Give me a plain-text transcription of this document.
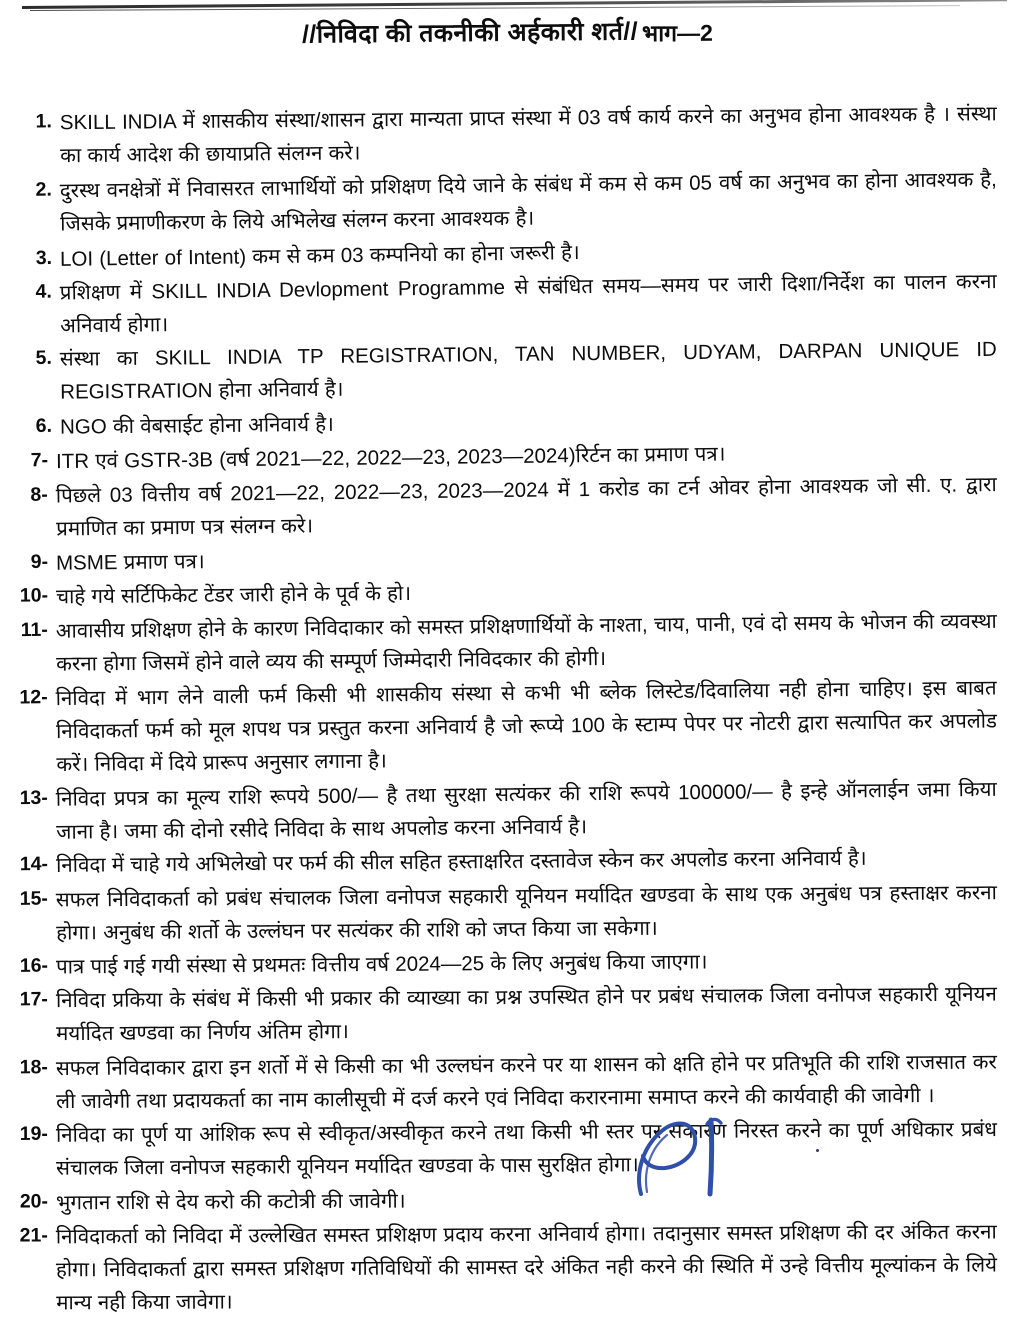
//निविदा की तकनीकी अर्हकारी शर्त// भाग—2
1. SKILL INDIA में शासकीय संस्था/शासन द्वारा मान्यता प्राप्त संस्था में 03 वर्ष कार्य करने का अनुभव होना आवश्यक है । संस्था का कार्य आदेश की छायाप्रति संलग्न करे।
2. दुरस्थ वनक्षेत्रों में निवासरत लाभार्थियों को प्रशिक्षण दिये जाने के संबंध में कम से कम 05 वर्ष का अनुभव का होना आवश्यक है, जिसके प्रमाणीकरण के लिये अभिलेख संलग्न करना आवश्यक है।
3. LOI (Letter of Intent) कम से कम 03 कम्पनियो का होना जरूरी है।
4. प्रशिक्षण में SKILL INDIA Devlopment Programme से संबंधित समय—समय पर जारी दिशा/निर्देश का पालन करना अनिवार्य होगा।
5. संस्था का SKILL INDIA TP REGISTRATION, TAN NUMBER, UDYAM, DARPAN UNIQUE ID REGISTRATION होना अनिवार्य है।
6. NGO की वेबसाईट होना अनिवार्य है।
7- ITR एवं GSTR-3B (वर्ष 2021—22, 2022—23, 2023—2024)रिर्टन का प्रमाण पत्र।
8- पिछले 03 वित्तीय वर्ष 2021—22, 2022—23, 2023—2024 में 1 करोड का टर्न ओवर होना आवश्यक जो सी. ए. द्वारा प्रमाणित का प्रमाण पत्र संलग्न करे।
9- MSME प्रमाण पत्र।
10- चाहे गये सर्टिफिकेट टेंडर जारी होने के पूर्व के हो।
11- आवासीय प्रशिक्षण होने के कारण निविदाकार को समस्त प्रशिक्षणार्थियों के नाश्ता, चाय, पानी, एवं दो समय के भोजन की व्यवस्था करना होगा जिसमें होने वाले व्यय की सम्पूर्ण जिम्मेदारी निविदकार की होगी।
12- निविदा में भाग लेने वाली फर्म किसी भी शासकीय संस्था से कभी भी ब्लेक लिस्टेड/दिवालिया नही होना चाहिए। इस बाबत निविदाकर्ता फर्म को मूल शपथ पत्र प्रस्तुत करना अनिवार्य है जो रूप्ये 100 के स्टाम्प पेपर पर नोटरी द्वारा सत्यापित कर अपलोड करें। निविदा में दिये प्रारूप अनुसार लगाना है।
13- निविदा प्रपत्र का मूल्य राशि रूपये 500/— है तथा सुरक्षा सत्यंकर की राशि रूपये 100000/— है इन्हे ऑनलाईन जमा किया जाना है। जमा की दोनो रसीदे निविदा के साथ अपलोड करना अनिवार्य है।
14- निविदा में चाहे गये अभिलेखो पर फर्म की सील सहित हस्ताक्षरित दस्तावेज स्केन कर अपलोड करना अनिवार्य है।
15- सफल निविदाकर्ता को प्रबंध संचालक जिला वनोपज सहकारी यूनियन मर्यादित खण्डवा के साथ एक अनुबंध पत्र हस्ताक्षर करना होगा। अनुबंध की शर्तो के उल्लंघन पर सत्यंकर की राशि को जप्त किया जा सकेगा।
16- पात्र पाई गई गयी संस्था से प्रथमतः वित्तीय वर्ष 2024—25 के लिए अनुबंध किया जाएगा।
17- निविदा प्रकिया के संबंध में किसी भी प्रकार की व्याख्या का प्रश्न उपस्थित होने पर प्रबंध संचालक जिला वनोपज सहकारी यूनियन मर्यादित खण्डवा का निर्णय अंतिम होगा।
18- सफल निविदाकार द्वारा इन शर्तो में से किसी का भी उल्लघंन करने पर या शासन को क्षति होने पर प्रतिभूति की राशि राजसात कर ली जावेगी तथा प्रदायकर्ता का नाम कालीसूची में दर्ज करने एवं निविदा करारनामा समाप्त करने की कार्यवाही की जावेगी ।
19- निविदा का पूर्ण या आंशिक रूप से स्वीकृत/अस्वीकृत करने तथा किसी भी स्तर पर सकारण निरस्त करने का पूर्ण अधिकार प्रबंध संचालक जिला वनोपज सहकारी यूनियन मर्यादित खण्डवा के पास सुरक्षित होगा।
20- भुगतान राशि से देय करो की कटोत्री की जावेगी।
21- निविदाकर्ता को निविदा में उल्लेखित समस्त प्रशिक्षण प्रदाय करना अनिवार्य होगा। तदानुसार समस्त प्रशिक्षण की दर अंकित करना होगा। निविदाकर्ता द्वारा समस्त प्रशिक्षण गतिविधियों की सामस्त दरे अंकित नही करने की स्थिति में उन्हे वित्तीय मूल्यांकन के लिये मान्य नही किया जावेगा।
